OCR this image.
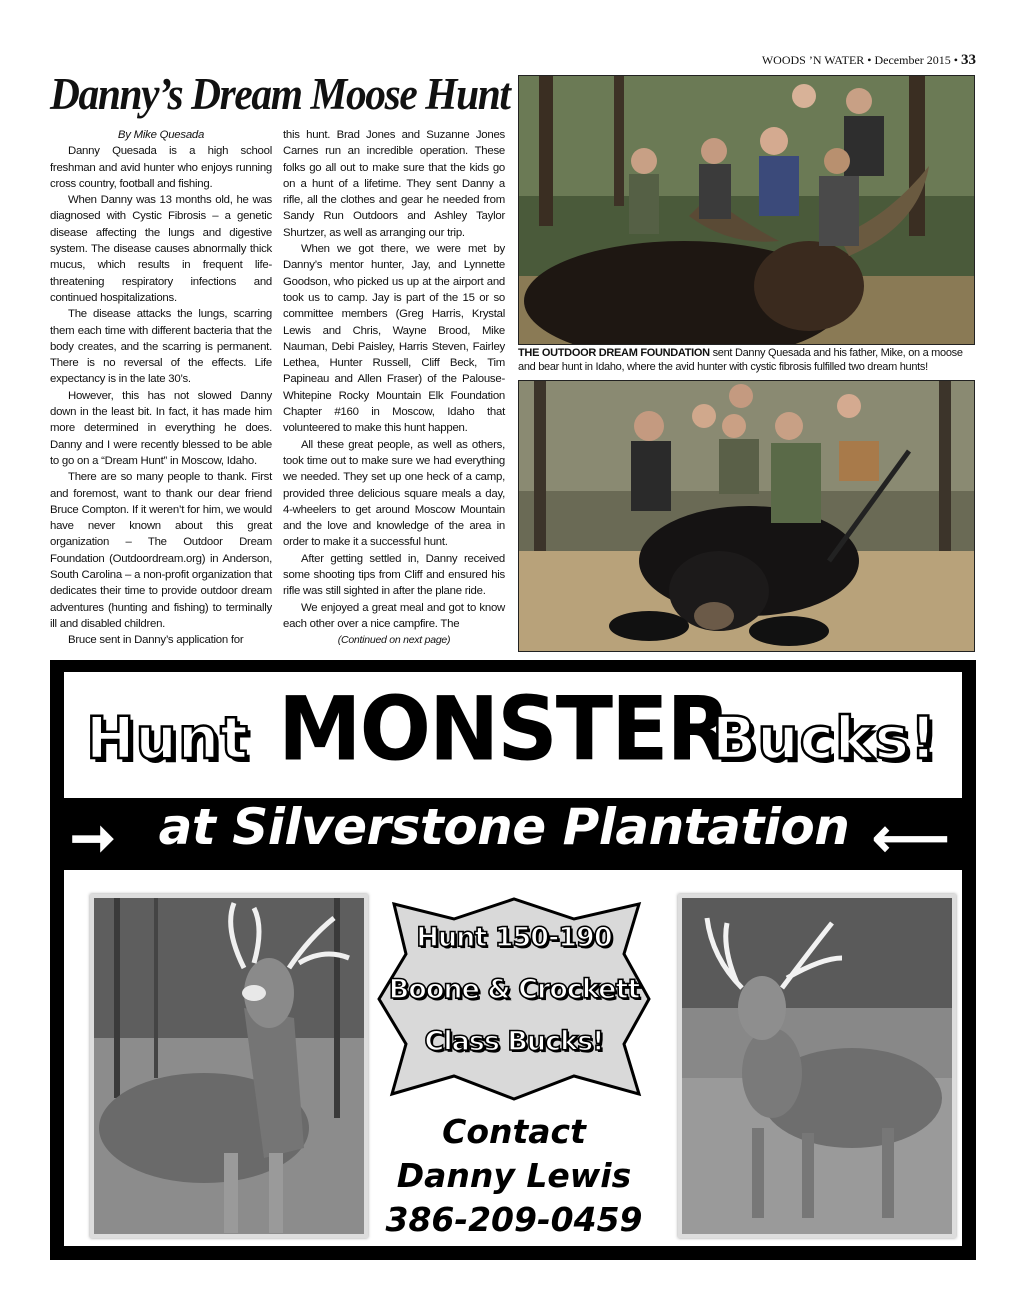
WOODS ’N WATER • December 2015 • 33
Danny’s Dream Moose Hunt
By Mike Quesada

Danny Quesada is a high school freshman and avid hunter who enjoys running cross country, football and fishing.

When Danny was 13 months old, he was diagnosed with Cystic Fibrosis – a genetic disease affecting the lungs and digestive system. The disease causes abnormally thick mucus, which results in frequent life-threatening respiratory infections and continued hospitalizations.

The disease attacks the lungs, scarring them each time with different bacteria that the body creates, and the scarring is permanent. There is no reversal of the effects. Life expectancy is in the late 30’s.

However, this has not slowed Danny down in the least bit. In fact, it has made him more determined in everything he does. Danny and I were recently blessed to be able to go on a “Dream Hunt” in Moscow, Idaho.

There are so many people to thank. First and foremost, want to thank our dear friend Bruce Compton. If it weren’t for him, we would have never known about this great organization – The Outdoor Dream Foundation (Outdoordream.org) in Anderson, South Carolina – a non-profit organization that dedicates their time to provide outdoor dream adventures (hunting and fishing) to terminally ill and disabled children.

Bruce sent in Danny’s application for

this hunt. Brad Jones and Suzanne Jones Carnes run an incredible operation. These folks go all out to make sure that the kids go on a hunt of a lifetime. They sent Danny a rifle, all the clothes and gear he needed from Sandy Run Outdoors and Ashley Taylor Shurtzer, as well as arranging our trip.

When we got there, we were met by Danny’s mentor hunter, Jay, and Lynnette Goodson, who picked us up at the airport and took us to camp. Jay is part of the 15 or so committee members (Greg Harris, Krystal Lewis and Chris, Wayne Brood, Mike Nauman, Debi Paisley, Harris Steven, Fairley Lethea, Hunter Russell, Cliff Beck, Tim Papineau and Allen Fraser) of the Palouse-Whitepine Rocky Mountain Elk Foundation Chapter #160 in Moscow, Idaho that volunteered to make this hunt happen.

All these great people, as well as others, took time out to make sure we had everything we needed. They set up one heck of a camp, provided three delicious square meals a day, 4-wheelers to get around Moscow Mountain and the love and knowledge of the area in order to make it a successful hunt.

After getting settled in, Danny received some shooting tips from Cliff and ensured his rifle was still sighted in after the plane ride.

We enjoyed a great meal and got to know each other over a nice campfire. The

(Continued on next page)
THE OUTDOOR DREAM FOUNDATION sent Danny Quesada and his father, Mike, on a moose and bear hunt in Idaho, where the avid hunter with cystic fibrosis fulfilled two dream hunts!
Hunt MONSTER
Bucks!
➞ at Silverstone Plantation ⟵
Hunt 150-190
Boone & Crockett
Class Bucks!
Contact
Danny Lewis
386-209-0459
